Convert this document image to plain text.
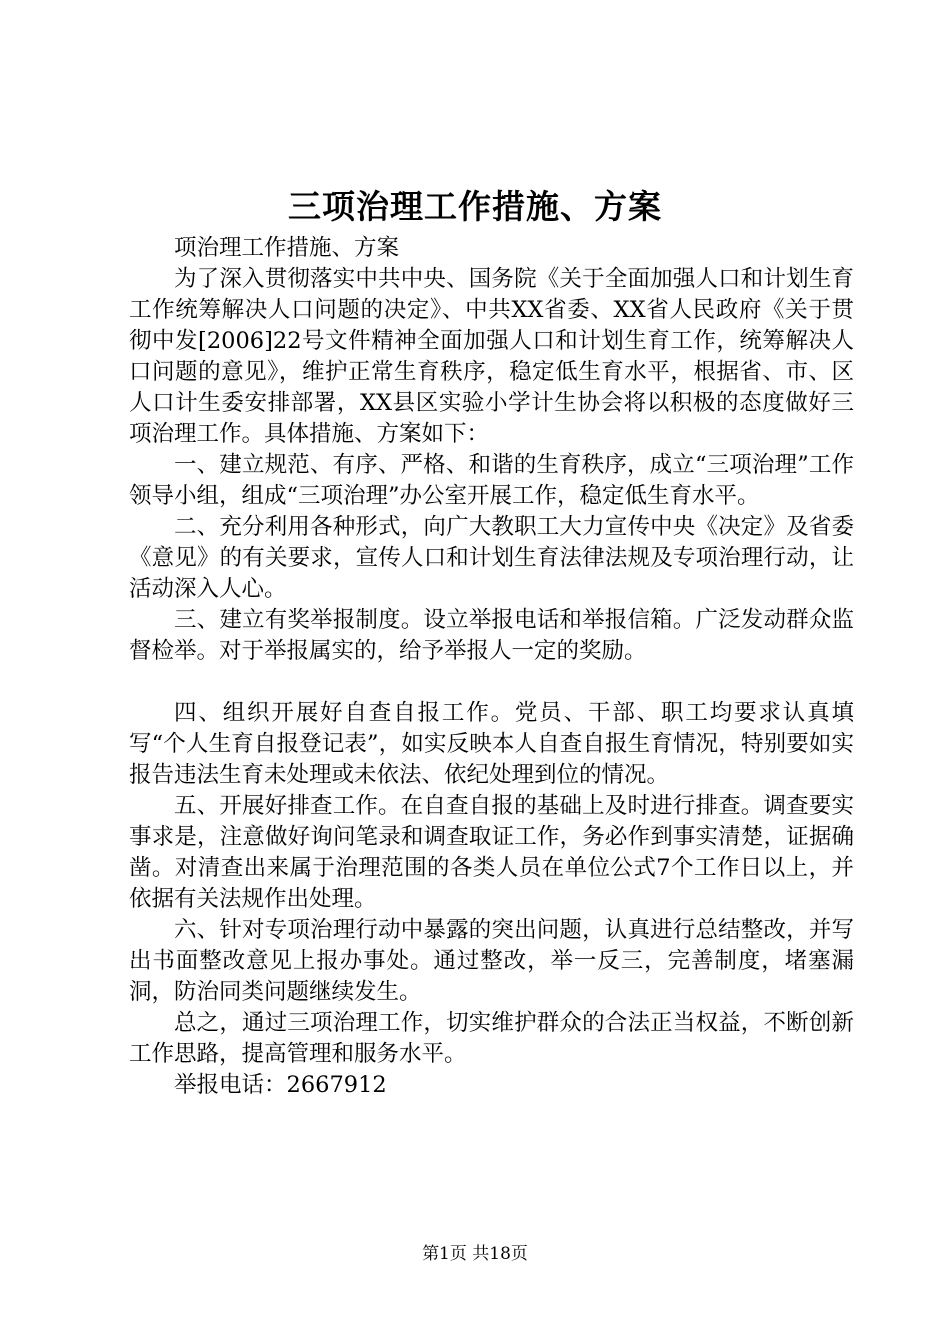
三项治理工作措施、方案

项治理工作措施、方案

为了深入贯彻落实中共中央、国务院《关于全面加强人口和计划生育工作统筹解决人口问题的决定》、中共XX省委、XX省人民政府《关于贯彻中发[2006]22号文件精神全面加强人口和计划生育工作，统筹解决人口问题的意见》，维护正常生育秩序，稳定低生育水平，根据省、市、区人口计生委安排部署，XX县区实验小学计生协会将以积极的态度做好三项治理工作。具体措施、方案如下：

一、建立规范、有序、严格、和谐的生育秩序，成立“三项治理”工作领导小组，组成“三项治理”办公室开展工作，稳定低生育水平。

二、充分利用各种形式，向广大教职工大力宣传中央《决定》及省委《意见》的有关要求，宣传人口和计划生育法律法规及专项治理行动，让活动深入人心。

三、建立有奖举报制度。设立举报电话和举报信箱。广泛发动群众监督检举。对于举报属实的，给予举报人一定的奖励。

四、组织开展好自查自报工作。党员、干部、职工均要求认真填写“个人生育自报登记表”，如实反映本人自查自报生育情况，特别要如实报告违法生育未处理或未依法、依纪处理到位的情况。

五、开展好排查工作。在自查自报的基础上及时进行排查。调查要实事求是，注意做好询问笔录和调查取证工作，务必作到事实清楚，证据确凿。对清查出来属于治理范围的各类人员在单位公式7个工作日以上，并依据有关法规作出处理。

六、针对专项治理行动中暴露的突出问题，认真进行总结整改，并写出书面整改意见上报办事处。通过整改，举一反三，完善制度，堵塞漏洞，防治同类问题继续发生。

总之，通过三项治理工作，切实维护群众的合法正当权益，不断创新工作思路，提高管理和服务水平。

举报电话：2667912

第1页 共18页
